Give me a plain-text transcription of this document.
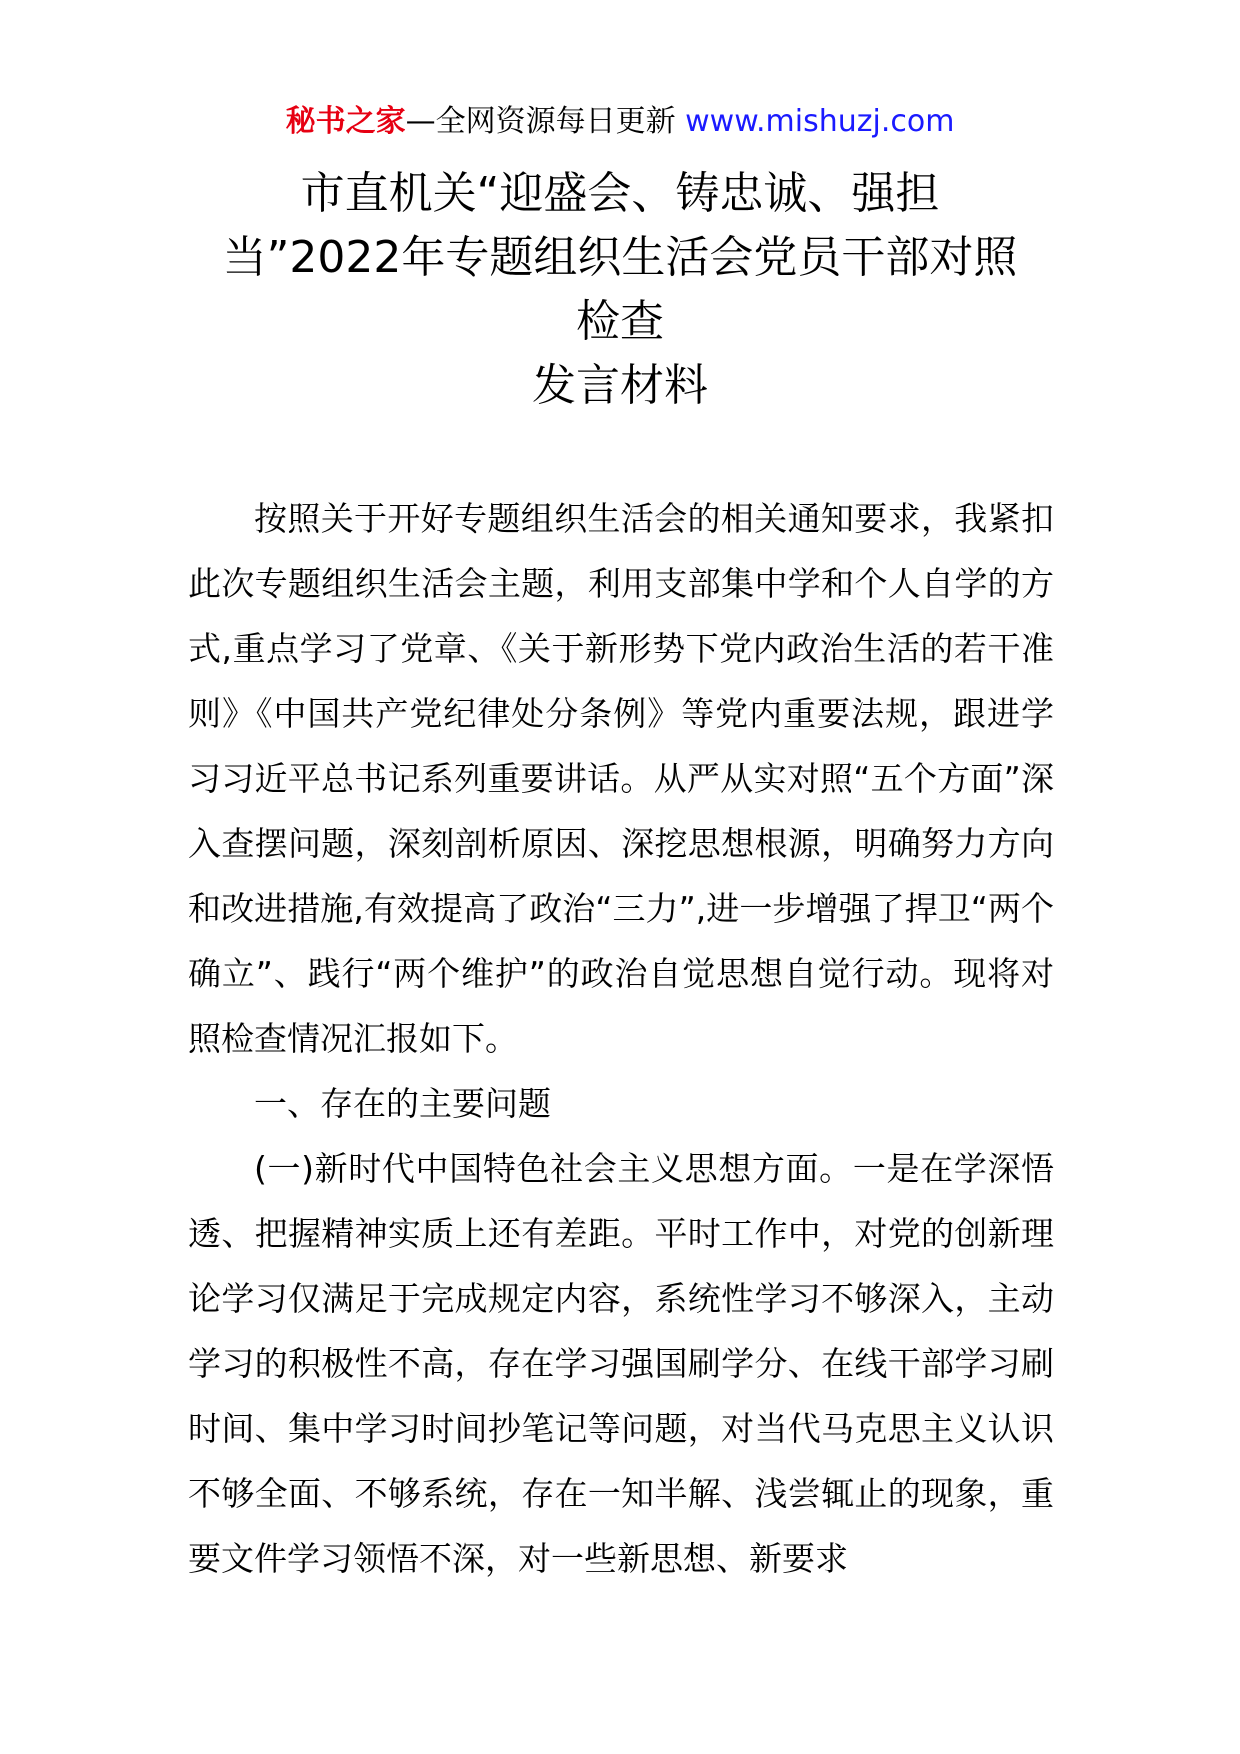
秘书之家—全网资源每日更新 www.mishuzj.com
市直机关“迎盛会、铸忠诚、强担
当”2022年专题组织生活会党员干部对照
检查
发言材料

按照关于开好专题组织生活会的相关通知要求，我紧扣此次专题组织生活会主题，利用支部集中学和个人自学的方式,重点学习了党章、《关于新形势下党内政治生活的若干准则》《中国共产党纪律处分条例》等党内重要法规，跟进学习习近平总书记系列重要讲话。从严从实对照“五个方面”深入查摆问题，深刻剖析原因、深挖思想根源，明确努力方向和改进措施,有效提高了政治“三力”,进一步增强了捍卫“两个确立”、践行“两个维护”的政治自觉思想自觉行动。现将对照检查情况汇报如下。

一、存在的主要问题

(一)新时代中国特色社会主义思想方面。一是在学深悟透、把握精神实质上还有差距。平时工作中，对党的创新理论学习仅满足于完成规定内容，系统性学习不够深入，主动学习的积极性不高，存在学习强国刷学分、在线干部学习刷时间、集中学习时间抄笔记等问题，对当代马克思主义认识不够全面、不够系统，存在一知半解、浅尝辄止的现象，重要文件学习领悟不深，对一些新思想、新要求
